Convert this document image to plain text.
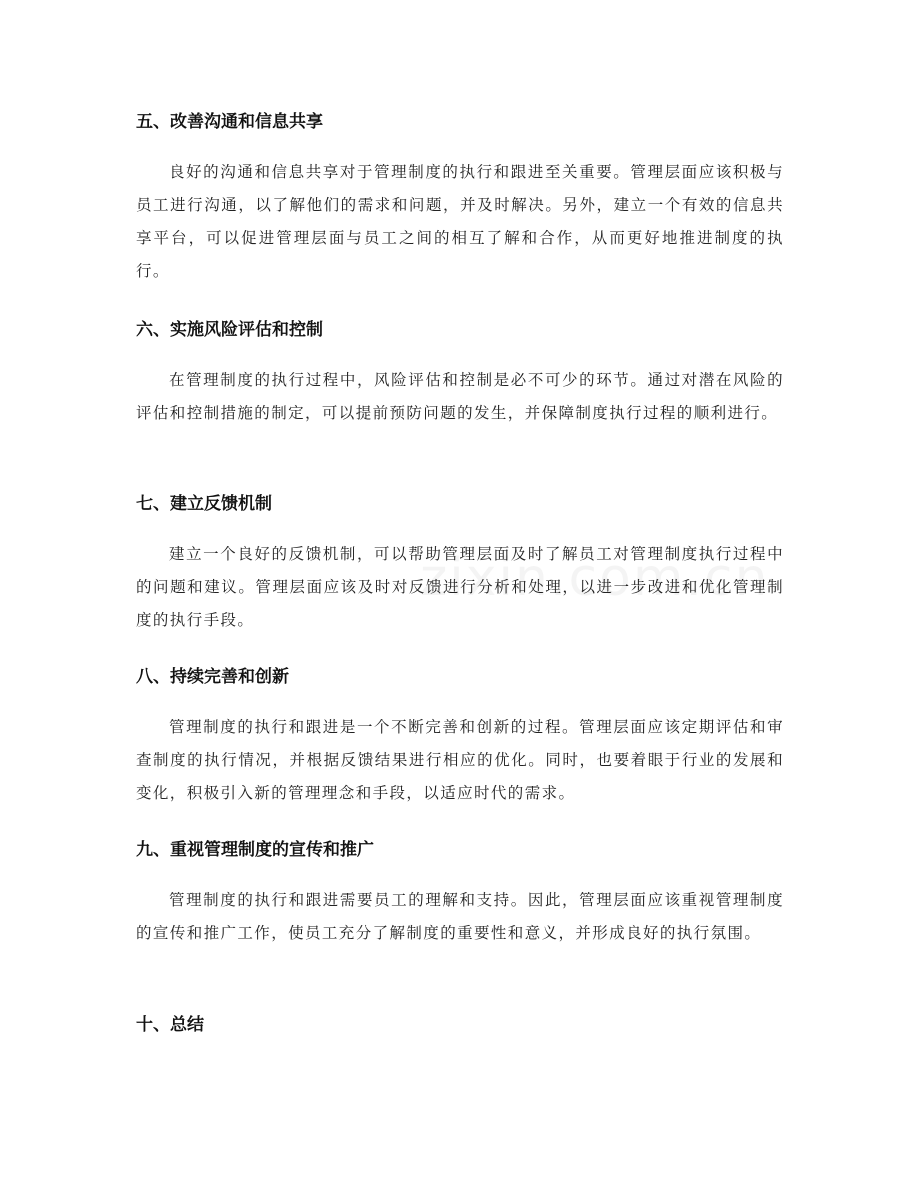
五、改善沟通和信息共享

良好的沟通和信息共享对于管理制度的执行和跟进至关重要。管理层面应该积极与员工进行沟通，以了解他们的需求和问题，并及时解决。另外，建立一个有效的信息共享平台，可以促进管理层面与员工之间的相互了解和合作，从而更好地推进制度的执行。

六、实施风险评估和控制

在管理制度的执行过程中，风险评估和控制是必不可少的环节。通过对潜在风险的评估和控制措施的制定，可以提前预防问题的发生，并保障制度执行过程的顺利进行。

七、建立反馈机制

建立一个良好的反馈机制，可以帮助管理层面及时了解员工对管理制度执行过程中的问题和建议。管理层面应该及时对反馈进行分析和处理，以进一步改进和优化管理制度的执行手段。

八、持续完善和创新

管理制度的执行和跟进是一个不断完善和创新的过程。管理层面应该定期评估和审查制度的执行情况，并根据反馈结果进行相应的优化。同时，也要着眼于行业的发展和变化，积极引入新的管理理念和手段，以适应时代的需求。

九、重视管理制度的宣传和推广

管理制度的执行和跟进需要员工的理解和支持。因此，管理层面应该重视管理制度的宣传和推广工作，使员工充分了解制度的重要性和意义，并形成良好的执行氛围。

十、总结
